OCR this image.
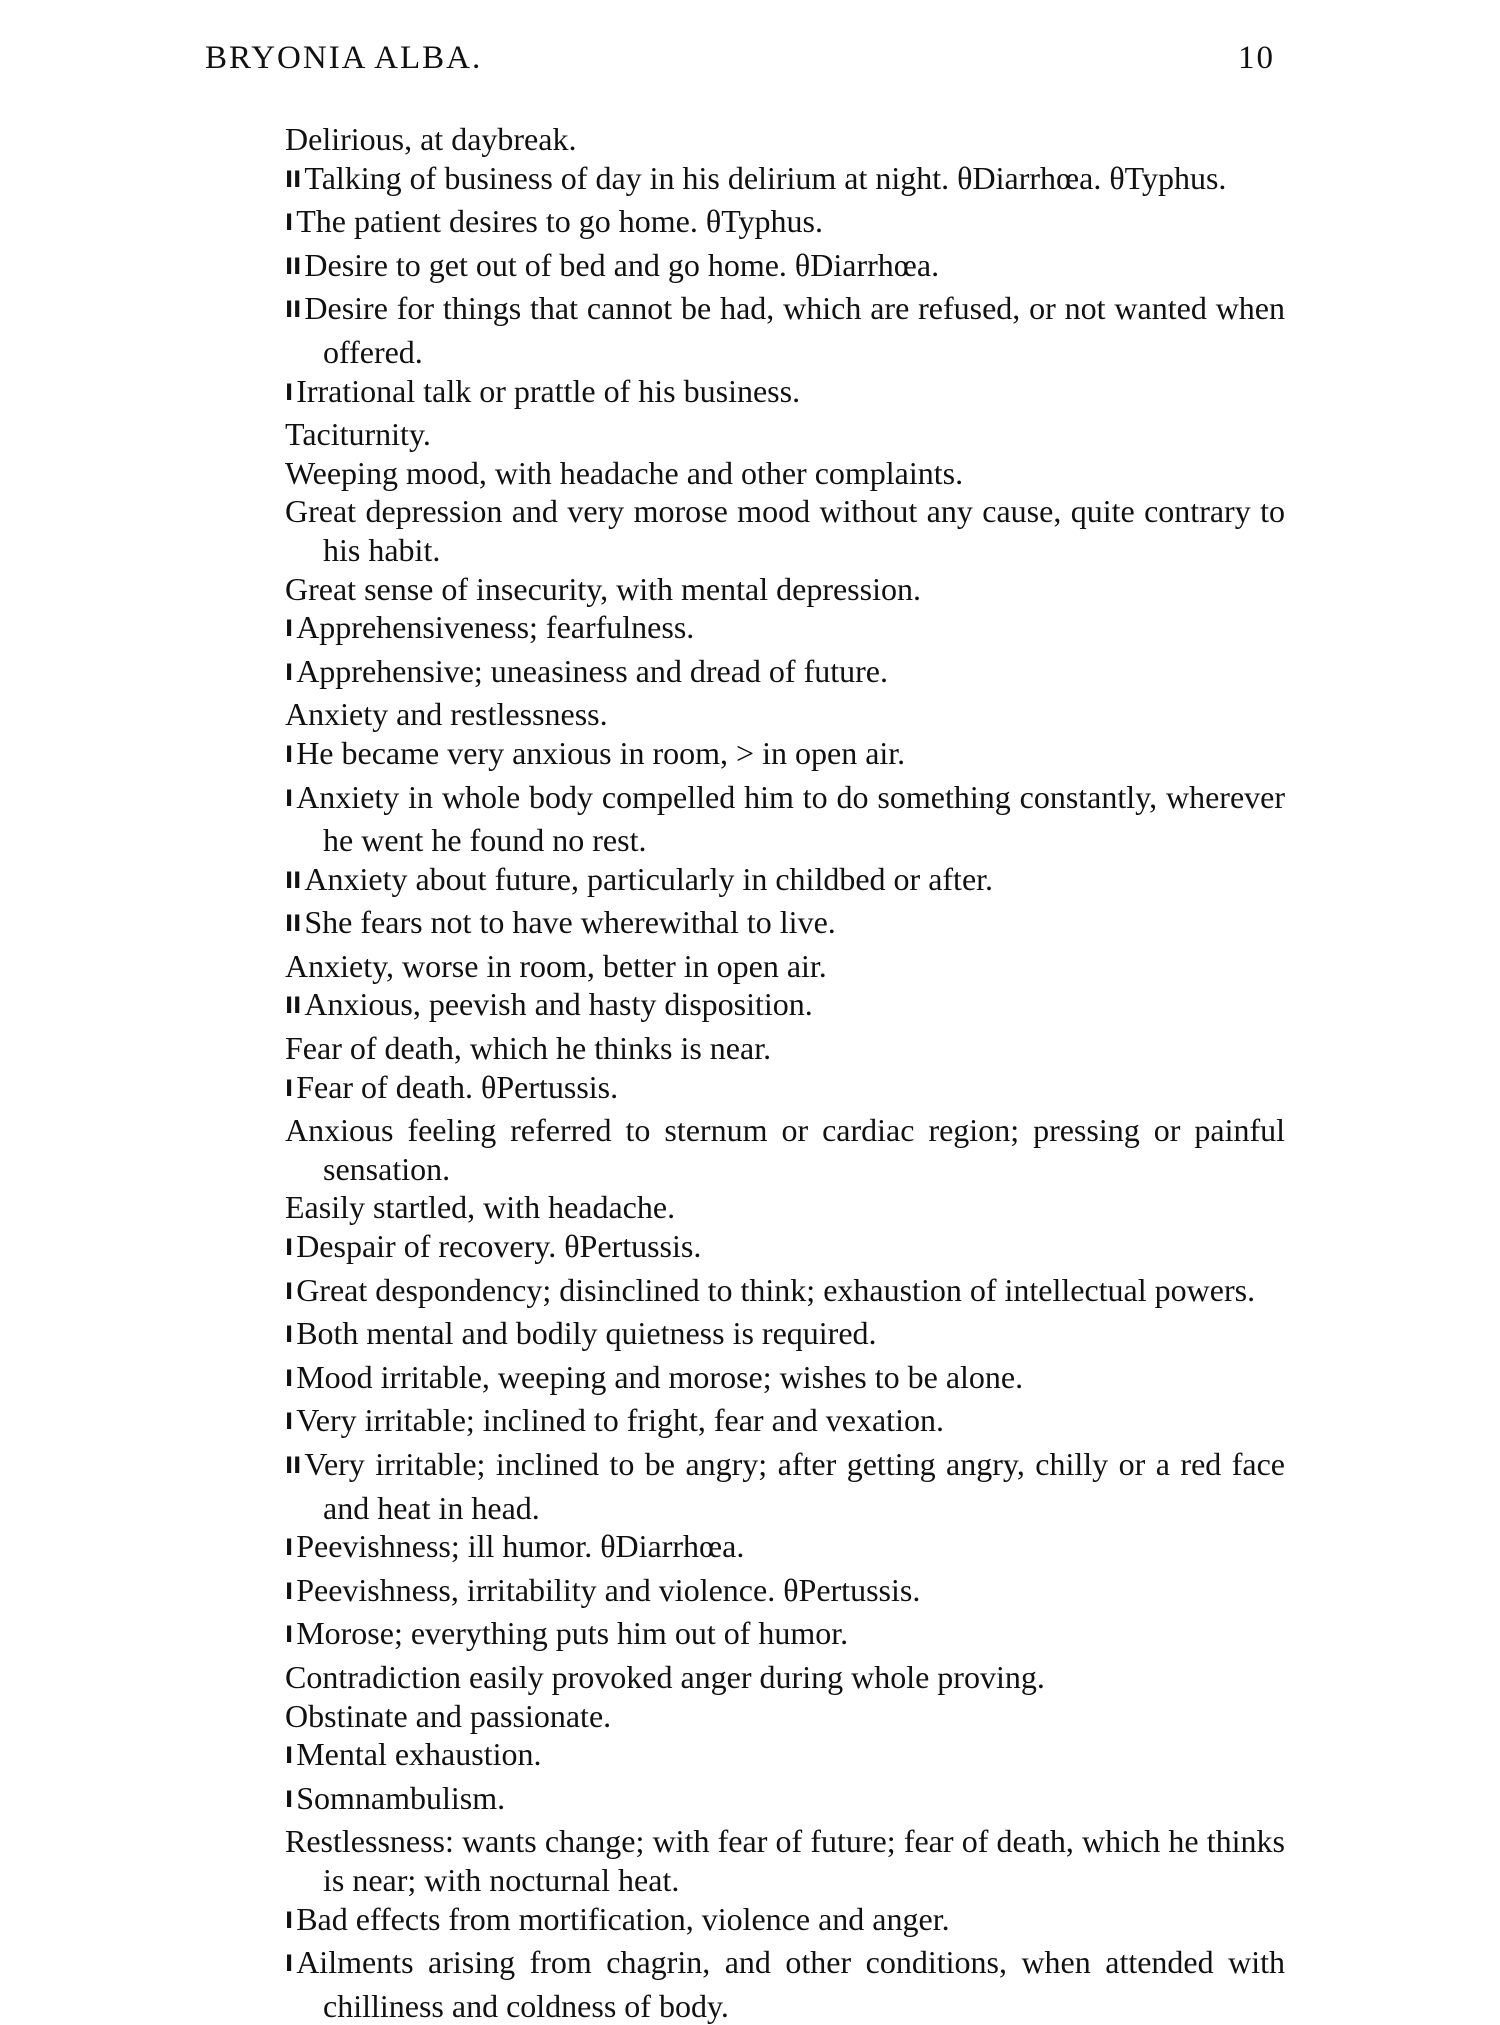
BRYONIA ALBA.	10
Delirious, at daybreak.
IITalking of business of day in his delirium at night. θDiarrhœa. θTyphus.
IThe patient desires to go home. θTyphus.
IIDesire to get out of bed and go home. θDiarrhœa.
IIDesire for things that cannot be had, which are refused, or not wanted when offered.
IIrrational talk or prattle of his business.
Taciturnity.
Weeping mood, with headache and other complaints.
Great depression and very morose mood without any cause, quite contrary to his habit.
Great sense of insecurity, with mental depression.
IApprehensiveness; fearfulness.
IApprehensive; uneasiness and dread of future.
Anxiety and restlessness.
IHe became very anxious in room, > in open air.
IAnxiety in whole body compelled him to do something constantly, wherever he went he found no rest.
IIAnxiety about future, particularly in childbed or after.
IIShe fears not to have wherewithal to live.
Anxiety, worse in room, better in open air.
IIAnxious, peevish and hasty disposition.
Fear of death, which he thinks is near.
IFear of death. θPertussis.
Anxious feeling referred to sternum or cardiac region; pressing or painful sensation.
Easily startled, with headache.
IDespair of recovery. θPertussis.
IGreat despondency; disinclined to think; exhaustion of intellectual powers.
IBoth mental and bodily quietness is required.
IMood irritable, weeping and morose; wishes to be alone.
IVery irritable; inclined to fright, fear and vexation.
IIVery irritable; inclined to be angry; after getting angry, chilly or a red face and heat in head.
IPeevishness; ill humor. θDiarrhœa.
IPeevishness, irritability and violence. θPertussis.
IMorose; everything puts him out of humor.
Contradiction easily provoked anger during whole proving.
Obstinate and passionate.
IMental exhaustion.
ISomnambulism.
Restlessness: wants change; with fear of future; fear of death, which he thinks is near; with nocturnal heat.
IBad effects from mortification, violence and anger.
IAilments arising from chagrin, and other conditions, when attended with chilliness and coldness of body.
